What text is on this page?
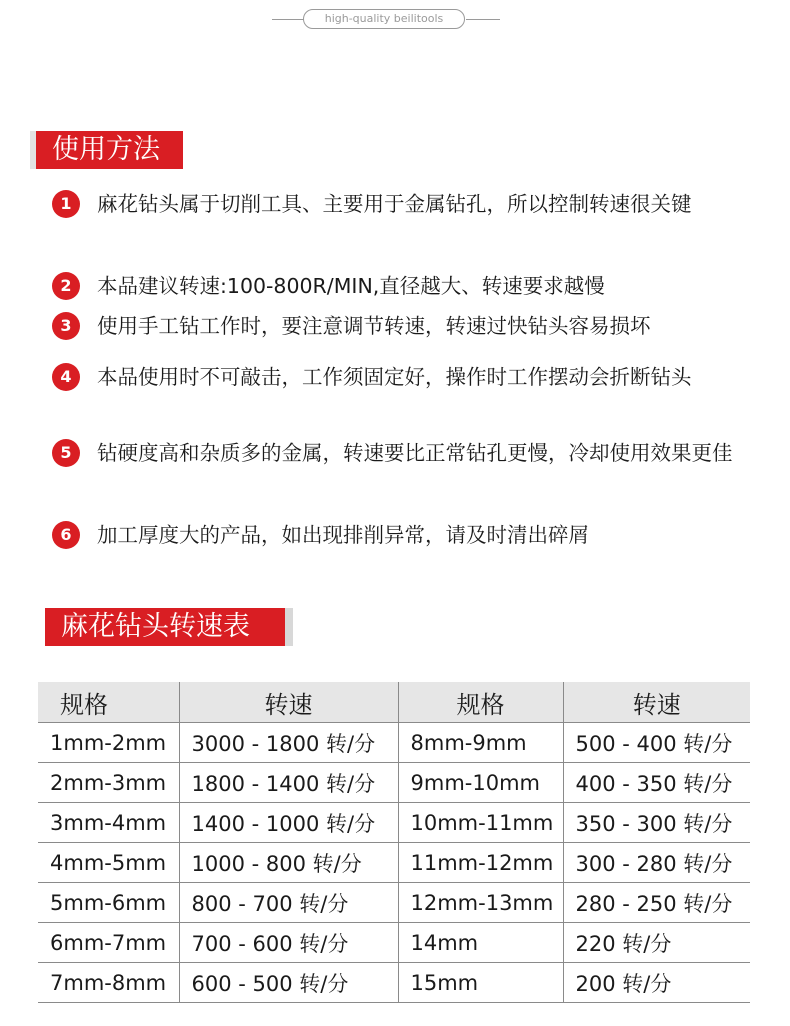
high-quality beilitools
使用方法
1	麻花钻头属于切削工具、主要用于金属钻孔，所以控制转速很关键
2	本品建议转速:100-800R/MIN,直径越大、转速要求越慢
3	使用手工钻工作时，要注意调节转速，转速过快钻头容易损坏
4	本品使用时不可敲击，工作须固定好，操作时工作摆动会折断钻头
5	钻硬度高和杂质多的金属，转速要比正常钻孔更慢，冷却使用效果更佳
6	加工厚度大的产品，如出现排削异常，请及时清出碎屑
麻花钻头转速表
规格	转速	规格	转速
1mm-2mm	3000 - 1800 转/分	8mm-9mm	500 - 400 转/分
2mm-3mm	1800 - 1400 转/分	9mm-10mm	400 - 350 转/分
3mm-4mm	1400 - 1000 转/分	10mm-11mm	350 - 300 转/分
4mm-5mm	1000 - 800 转/分	11mm-12mm	300 - 280 转/分
5mm-6mm	800 - 700 转/分	12mm-13mm	280 - 250 转/分
6mm-7mm	700 - 600 转/分	14mm	220 转/分
7mm-8mm	600 - 500 转/分	15mm	200 转/分
